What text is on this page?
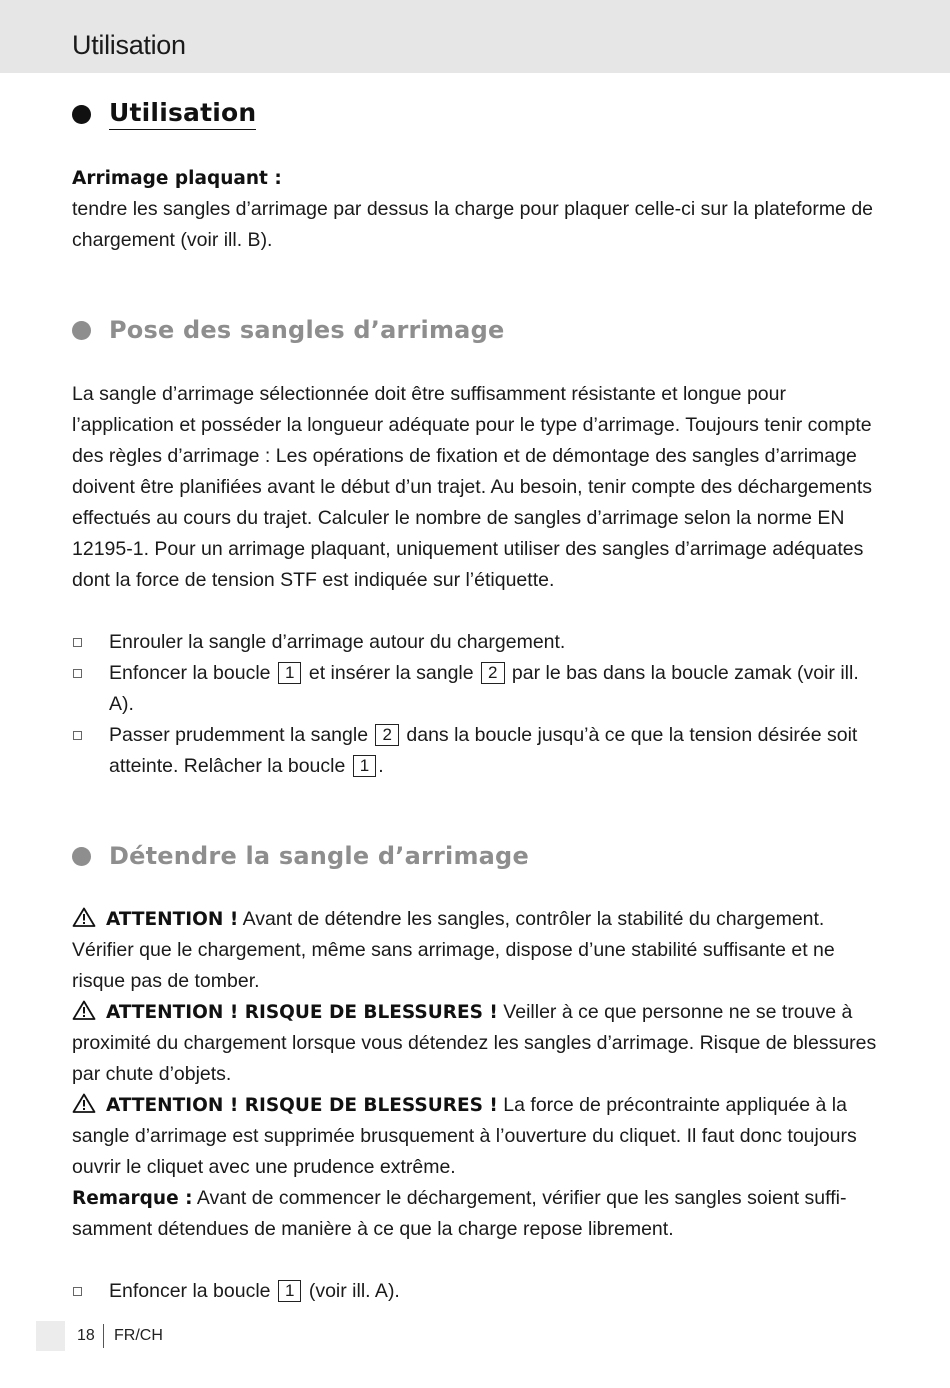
Utilisation
Utilisation
Arrimage plaquant :
tendre les sangles d’arrimage par dessus la charge pour plaquer celle-ci sur la plateforme de chargement (voir ill. B).
Pose des sangles d’arrimage
La sangle d’arrimage sélectionnée doit être suffisamment résistante et longue pour l’application et posséder la longueur adéquate pour le type d’arrimage. Toujours tenir compte des règles d’arrimage : Les opérations de fixation et de démontage des sangles d’arrimage doivent être planifiées avant le début d’un trajet. Au besoin, tenir compte des déchargements effectués au cours du trajet. Calculer le nombre de sangles d’arrimage selon la norme EN 12195-1. Pour un arrimage plaquant, uniquement utiliser des sangles d’arrimage adéquates dont la force de tension STF est indiquée sur l’étiquette.
Enrouler la sangle d’arrimage autour du chargement.
Enfoncer la boucle 1 et insérer la sangle 2 par le bas dans la boucle zamak (voir ill. A).
Passer prudemment la sangle 2 dans la boucle jusqu’à ce que la tension désirée soit atteinte. Relâcher la boucle 1 .
Détendre la sangle d’arrimage
ATTENTION ! Avant de détendre les sangles, contrôler la stabilité du chargement. Vérifier que le chargement, même sans arrimage, dispose d’une stabilité suffisante et ne risque pas de tomber.
ATTENTION ! RISQUE DE BLESSURES ! Veiller à ce que personne ne se trouve à proximité du chargement lorsque vous détendez les sangles d’arrimage. Risque de blessures par chute d’objets.
ATTENTION ! RISQUE DE BLESSURES ! La force de précontrainte appliquée à la sangle d’arrimage est supprimée brusquement à l’ouverture du cliquet. Il faut donc toujours ouvrir le cliquet avec une prudence extrême.
Remarque : Avant de commencer le déchargement, vérifier que les sangles soient suffi-samment détendues de manière à ce que la charge repose librement.
Enfoncer la boucle 1 (voir ill. A).
18 FR/CH
